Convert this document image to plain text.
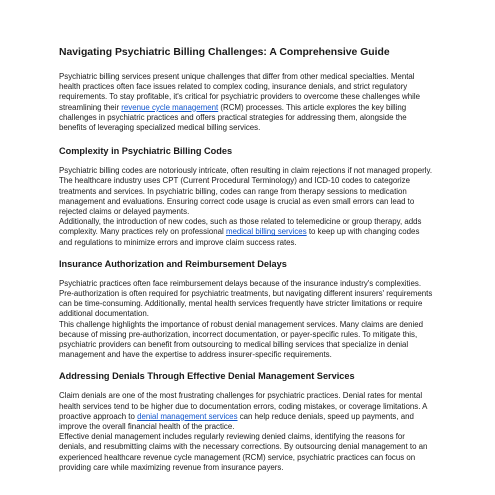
Navigating Psychiatric Billing Challenges: A Comprehensive Guide

Psychiatric billing services present unique challenges that differ from other medical specialties. Mental health practices often face issues related to complex coding, insurance denials, and strict regulatory requirements. To stay profitable, it's critical for psychiatric providers to overcome these challenges while streamlining their revenue cycle management (RCM) processes. This article explores the key billing challenges in psychiatric practices and offers practical strategies for addressing them, alongside the benefits of leveraging specialized medical billing services.

Complexity in Psychiatric Billing Codes

Psychiatric billing codes are notoriously intricate, often resulting in claim rejections if not managed properly. The healthcare industry uses CPT (Current Procedural Terminology) and ICD-10 codes to categorize treatments and services. In psychiatric billing, codes can range from therapy sessions to medication management and evaluations. Ensuring correct code usage is crucial as even small errors can lead to rejected claims or delayed payments.

Additionally, the introduction of new codes, such as those related to telemedicine or group therapy, adds complexity. Many practices rely on professional medical billing services to keep up with changing codes and regulations to minimize errors and improve claim success rates.

Insurance Authorization and Reimbursement Delays

Psychiatric practices often face reimbursement delays because of the insurance industry's complexities. Pre-authorization is often required for psychiatric treatments, but navigating different insurers' requirements can be time-consuming. Additionally, mental health services frequently have stricter limitations or require additional documentation.

This challenge highlights the importance of robust denial management services. Many claims are denied because of missing pre-authorization, incorrect documentation, or payer-specific rules. To mitigate this, psychiatric providers can benefit from outsourcing to medical billing services that specialize in denial management and have the expertise to address insurer-specific requirements.

Addressing Denials Through Effective Denial Management Services

Claim denials are one of the most frustrating challenges for psychiatric practices. Denial rates for mental health services tend to be higher due to documentation errors, coding mistakes, or coverage limitations. A proactive approach to denial management services can help reduce denials, speed up payments, and improve the overall financial health of the practice.

Effective denial management includes regularly reviewing denied claims, identifying the reasons for denials, and resubmitting claims with the necessary corrections. By outsourcing denial management to an experienced healthcare revenue cycle management (RCM) service, psychiatric practices can focus on providing care while maximizing revenue from insurance payers.
